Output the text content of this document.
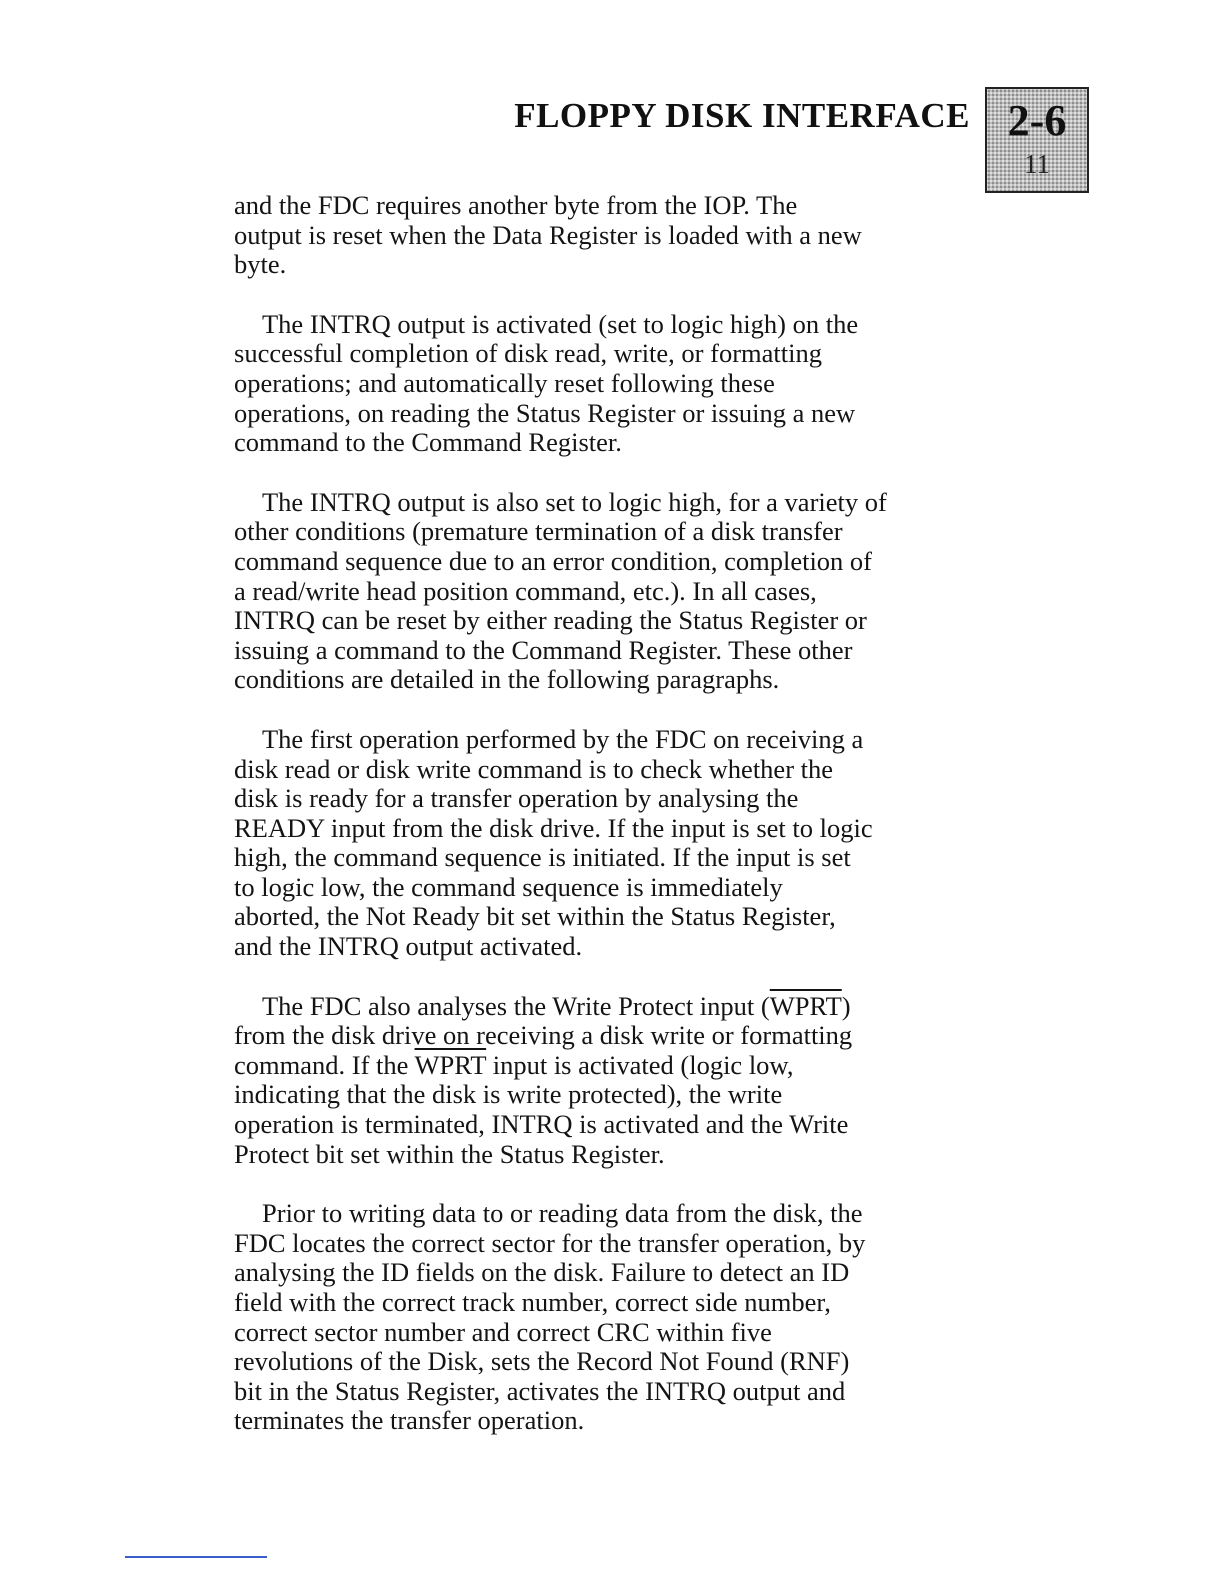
FLOPPY DISK INTERFACE 2-6
11

and the FDC requires another byte from the IOP. The
output is reset when the Data Register is loaded with a new
byte.

The INTRQ output is activated (set to logic high) on the
successful completion of disk read, write, or formatting
operations; and automatically reset following these
operations, on reading the Status Register or issuing a new
command to the Command Register.

The INTRQ output is also set to logic high, for a variety of
other conditions (premature termination of a disk transfer
command sequence due to an error condition, completion of
a read/write head position command, etc.). In all cases,
INTRQ can be reset by either reading the Status Register or
issuing a command to the Command Register. These other
conditions are detailed in the following paragraphs.

The first operation performed by the FDC on receiving a
disk read or disk write command is to check whether the
disk is ready for a transfer operation by analysing the
READY input from the disk drive. If the input is set to logic
high, the command sequence is initiated. If the input is set
to logic low, the command sequence is immediately
aborted, the Not Ready bit set within the Status Register,
and the INTRQ output activated.

The FDC also analyses the Write Protect input (WPRT)
from the disk drive on receiving a disk write or formatting
command. If the WPRT input is activated (logic low,
indicating that the disk is write protected), the write
operation is terminated, INTRQ is activated and the Write
Protect bit set within the Status Register.

Prior to writing data to or reading data from the disk, the
FDC locates the correct sector for the transfer operation, by
analysing the ID fields on the disk. Failure to detect an ID
field with the correct track number, correct side number,
correct sector number and correct CRC within five
revolutions of the Disk, sets the Record Not Found (RNF)
bit in the Status Register, activates the INTRQ output and
terminates the transfer operation.
